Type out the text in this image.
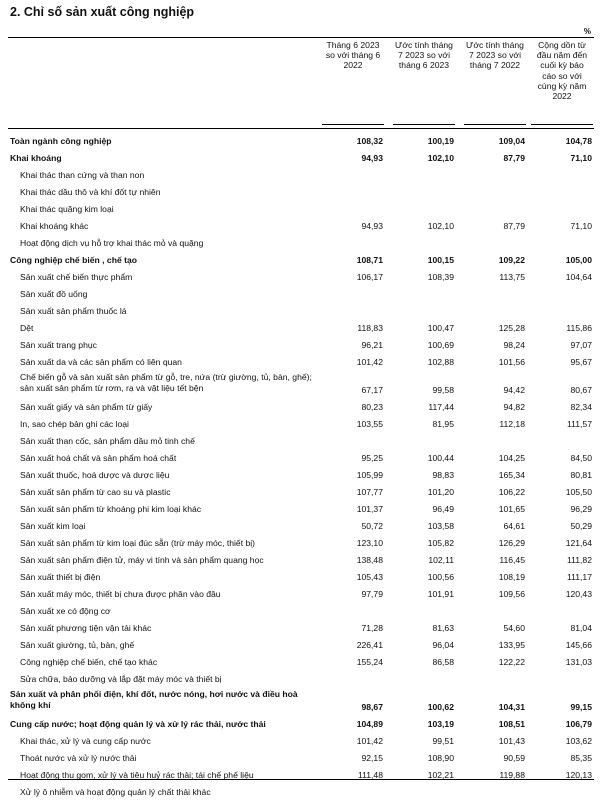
2. Chỉ số sản xuất công nghiệp
%
Tháng 6 2023 so với tháng 6 2022
Ước tính tháng 7 2023 so với tháng 6 2023
Ước tính tháng 7 2023 so với tháng 7 2022
Cộng dồn từ đầu năm đến cuối kỳ báo cáo so với cùng kỳ năm 2022
Toàn ngành công nghiệp	108,32	100,19	109,04	104,78
Khai khoáng	94,93	102,10	87,79	71,10
Khai thác than cứng và than non
Khai thác dầu thô và khí đốt tự nhiên
Khai thác quặng kim loại
Khai khoáng khác	94,93	102,10	87,79	71,10
Hoạt động dịch vụ hỗ trợ khai thác mỏ và quặng
Công nghiệp chế biến , chế tạo	108,71	100,15	109,22	105,00
Sản xuất chế biến thực phẩm	106,17	108,39	113,75	104,64
Sản xuất đồ uống
Sản xuất sản phẩm thuốc lá
Dệt	118,83	100,47	125,28	115,86
Sản xuất trang phục	96,21	100,69	98,24	97,07
Sản xuất da và các sản phẩm có liên quan	101,42	102,88	101,56	95,67
Chế biến gỗ và sản xuất sản phẩm từ gỗ, tre, nứa (trừ giường, tủ, bàn, ghế); sản xuất sản phẩm từ rơm, rạ và vật liệu tết bện	67,17	99,58	94,42	80,67
Sản xuất giấy và sản phẩm từ giấy	80,23	117,44	94,82	82,34
In, sao chép bản ghi các loại	103,55	81,95	112,18	111,57
Sản xuất than cốc, sản phẩm dầu mỏ tinh chế
Sản xuất hoá chất và sản phẩm hoá chất	95,25	100,44	104,25	84,50
Sản xuất thuốc, hoá dược và dược liệu	105,99	98,83	165,34	80,81
Sản xuất sản phẩm từ cao su và plastic	107,77	101,20	106,22	105,50
Sản xuất sản phẩm từ khoáng phi kim loại khác	101,37	96,49	101,65	96,29
Sản xuất kim loại	50,72	103,58	64,61	50,29
Sản xuất sản phẩm từ kim loại đúc sẵn (trừ máy móc, thiết bị)	123,10	105,82	126,29	121,64
Sản xuất sản phẩm điện tử, máy vi tính và sản phẩm quang học	138,48	102,11	116,45	111,82
Sản xuất thiết bị điện	105,43	100,56	108,19	111,17
Sản xuất máy móc, thiết bị chưa được phân vào đâu	97,79	101,91	109,56	120,43
Sản xuất xe có động cơ
Sản xuất phương tiện vận tải khác	71,28	81,63	54,60	81,04
Sản xuất giường, tủ, bàn, ghế	226,41	96,04	133,95	145,66
Công nghiệp chế biến, chế tạo khác	155,24	86,58	122,22	131,03
Sửa chữa, bảo dưỡng và lắp đặt máy móc và thiết bị
Sản xuất và phân phối điện, khí đốt, nước nóng, hơi nước và điều hoà không khí	98,67	100,62	104,31	99,15
Cung cấp nước; hoạt động quản lý và xử lý rác thải, nước thải	104,89	103,19	108,51	106,79
Khai thác, xử lý và cung cấp nước	101,42	99,51	101,43	103,62
Thoát nước và xử lý nước thải	92,15	108,90	90,59	85,35
Hoạt động thu gom, xử lý và tiêu huỷ rác thải; tái chế phế liệu	111,48	102,21	119,88	120,13
Xử lý ô nhiễm và hoạt động quản lý chất thải khác
